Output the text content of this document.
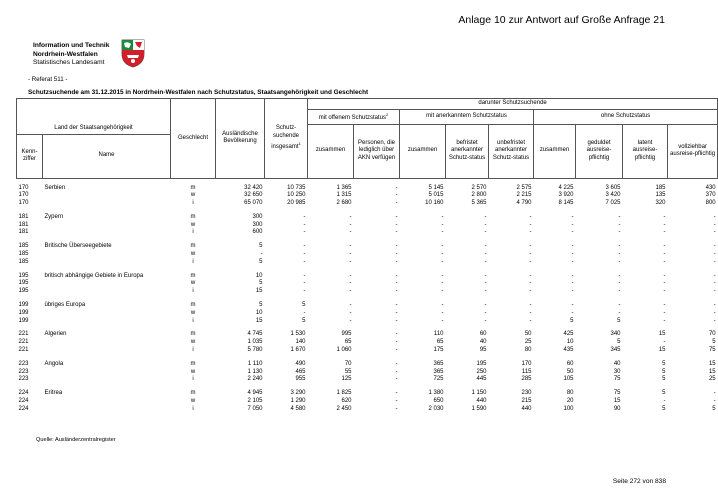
Anlage 10 zur Antwort auf Große Anfrage 21
Information und Technik
Nordrhein-Westfalen
Statistisches Landesamt
- Referat 511 -
Schutzsuchende am 31.12.2015 in Nordrhein-Westfalen nach Schutzstatus, Staatsangehörigkeit und Geschlecht
		Geschlecht	Ausländische Bevölkerung	Schutz-suchende insgesamt$^1$	darunter Schutzsuchende								
					mit offenem Schutzstatus$^2$		mit anerkanntem Schutzstatus			ohne Schutzstatus			
Land der Staatsangehörigkeit					zusammen	Personen, die lediglich über AKN verfügen	zusammen	befristet anerkannter Schutz-status	unbefristet anerkannter Schutz-status	zusammen	geduldet ausreise-pflichtig	latent ausreise-pflichtig	vollziehbar ausreise-pflichtig
Kenn-ziffer	Name												

170	Serbien	m	32 420	10 735	1 365	-	5 145	2 570	2 575	4 225	3 605	185	430
170		w	32 650	10 250	1 315	-	5 015	2 800	2 215	3 920	3 420	135	370
170		i	65 070	20 985	2 680	-	10 160	5 365	4 790	8 145	7 025	320	800

181	Zypern	m	300	-	-	-	-	-	-	-	-	-	-
181		w	300	-	-	-	-	-	-	-	-	-	-
181		i	600	-	-	-	-	-	-	-	-	-	-

185	Britische Überseegebiete	m	5	-	-	-	-	-	-	-	-	-	-
185		w	-	-	-	-	-	-	-	-	-	-	-
185		i	5	-	-	-	-	-	-	-	-	-	-

195	britisch abhängige Gebiete in Europa	m	10	-	-	-	-	-	-	-	-	-	-
195		w	5	-	-	-	-	-	-	-	-	-	-
195		i	15	-	-	-	-	-	-	-	-	-	-

199	übriges Europa	m	5	5	-	-	-	-	-	-	-	-	-
199		w	10	-	-	-	-	-	-	-	-	-	-
199		i	15	5	-	-	-	-	-	5	5	-	-

221	Algerien	m	4 745	1 530	995	-	110	60	50	425	340	15	70
221		w	1 035	140	65	-	65	40	25	10	5	-	5
221		i	5 780	1 670	1 060	-	175	95	80	435	345	15	75

223	Angola	m	1 110	490	70	-	365	195	170	60	40	5	15
223		w	1 130	465	55	-	365	250	115	50	30	5	15
223		i	2 240	955	125	-	725	445	285	105	75	5	25

224	Eritrea	m	4 945	3 290	1 825	-	1 380	1 150	230	80	75	5	-
224		w	2 105	1 290	620	-	650	440	215	20	15	-	-
224		i	7 050	4 580	2 450	-	2 030	1 590	440	100	90	5	5
Quelle: Ausländerzentralregister
Seite 272 von 838
